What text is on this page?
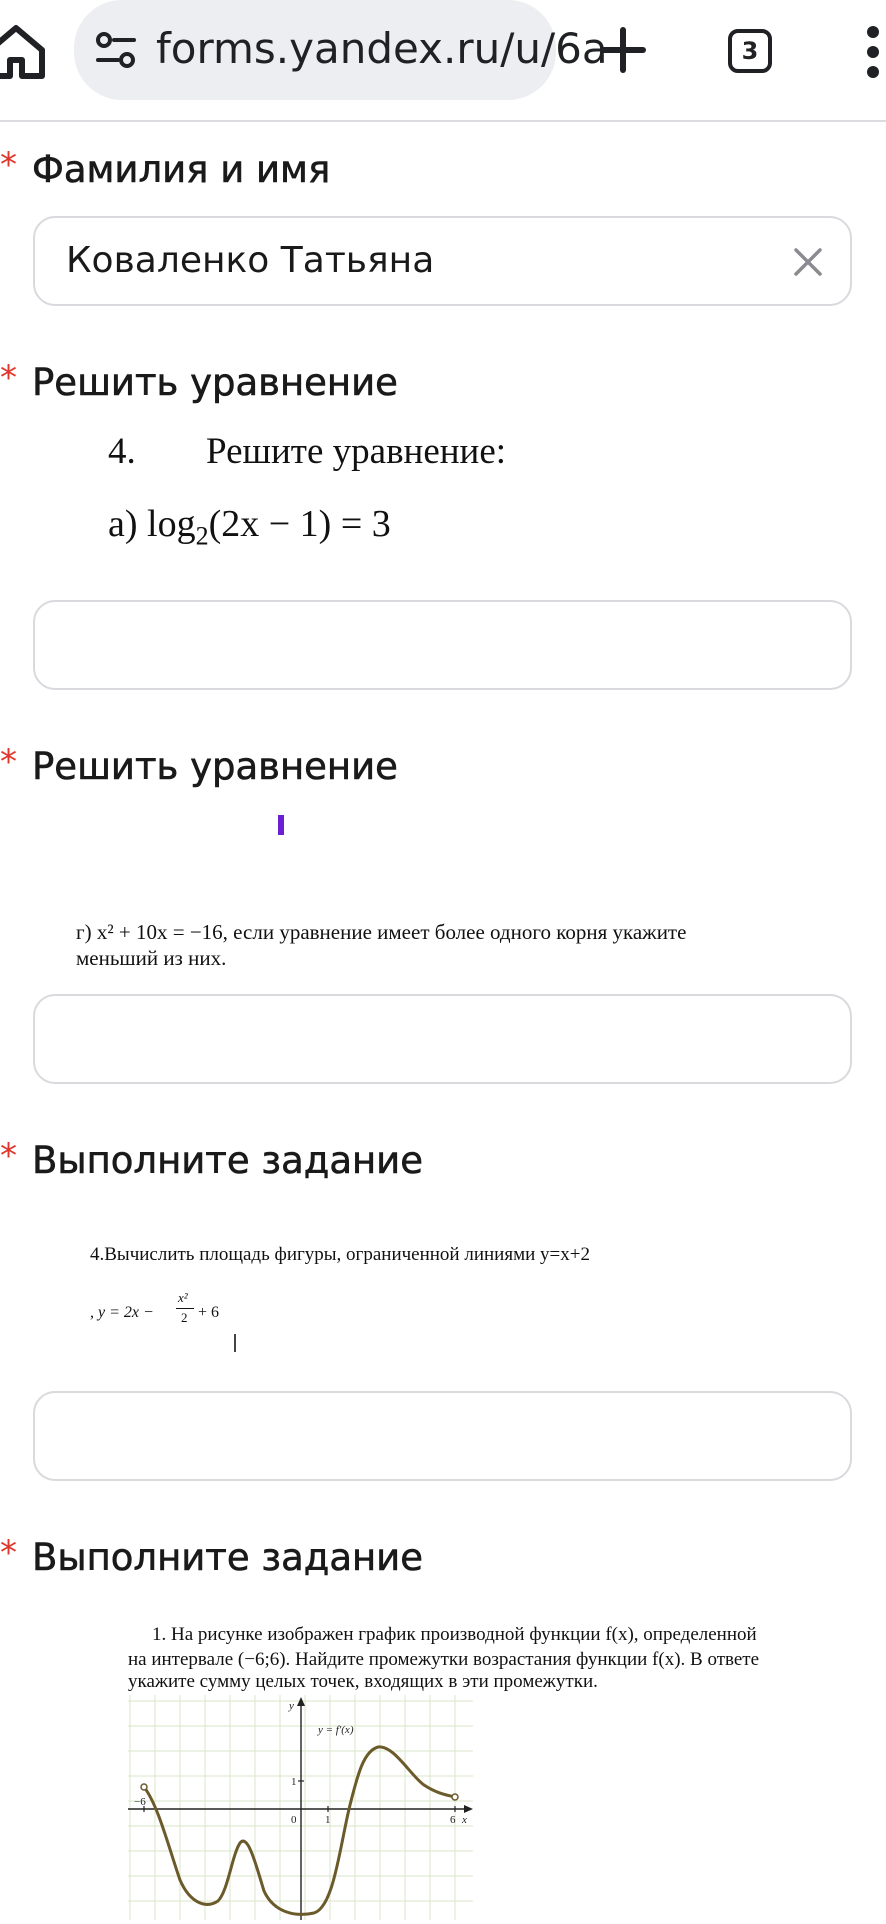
forms.yandex.ru/u/6a	3
* Фамилия и имя
Коваленко Татьяна
* Решить уравнение
4. Решите уравнение:
а) $\log_2(2x - 1) = 3$
* Решить уравнение
г) x² + 10x = −16, если уравнение имеет более одного корня укажите
меньший из них.
* Выполните задание
4.Вычислить площадь фигуры, ограниченной линиями y=x+2
, y = 2x −
x²
2 + 6
* Выполните задание
1. На рисунке изображен график производной функции f(x), определенной
на интервале (−6;6). Найдите промежутки возрастания функции f(x). В ответе
укажите сумму целых точек, входящих в эти промежутки.
y = f′(x)
y
x
−6
0	1	6
1
